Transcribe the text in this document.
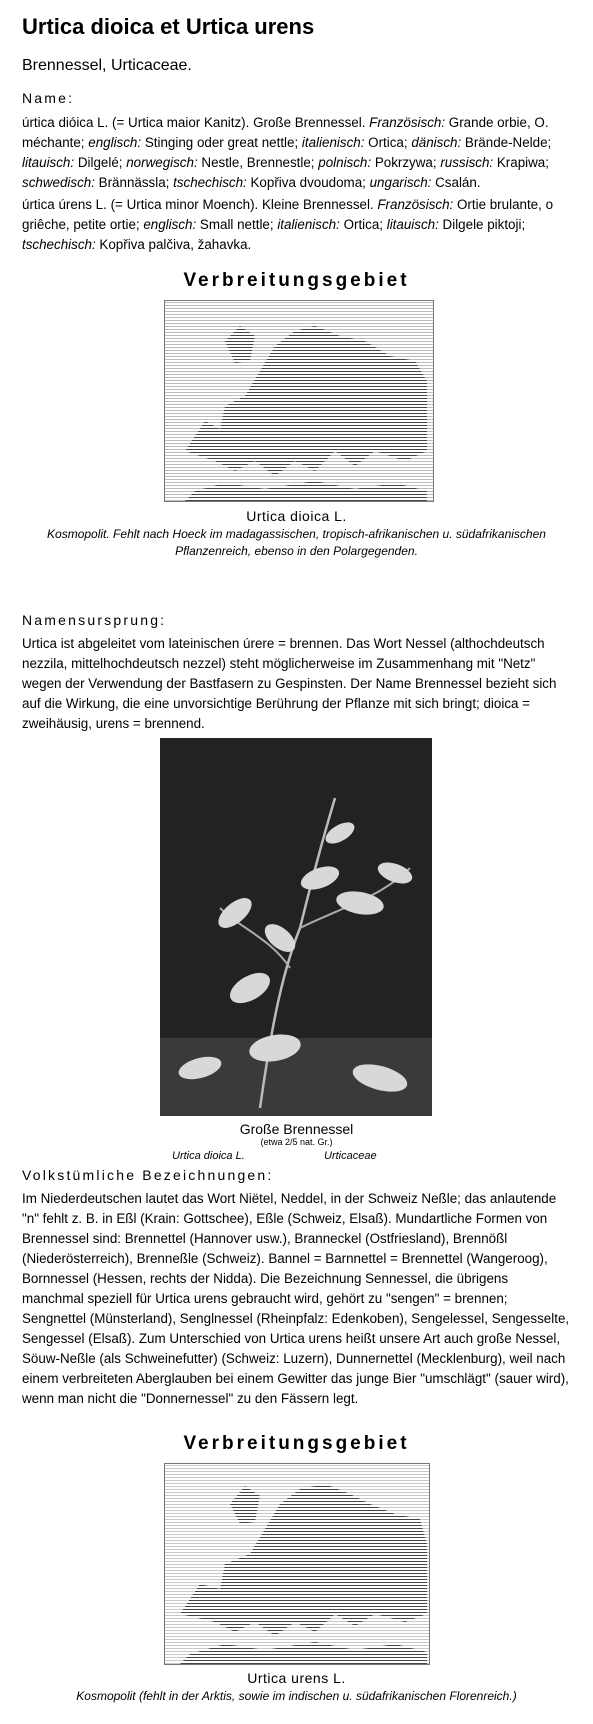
Urtica dioica et Urtica urens
Brennessel, Urticaceae.
Name:
úrtica dióica L. (= Urtica maior Kanitz). Große Brennessel. Französisch: Grande orbie, O. méchante; englisch: Stinging oder great nettle; italienisch: Ortica; dänisch: Brände-Nelde; litauisch: Dilgelé; norwegisch: Nestle, Brennestle; polnisch: Pokrzywa; russisch: Krapiwa; schwedisch: Brännässla; tschechisch: Kopřiva dvoudoma; ungarisch: Csalán.
úrtica úrens L. (= Urtica minor Moench). Kleine Brennessel. Französisch: Ortie brulante, o griêche, petite ortie; englisch: Small nettle; italienisch: Ortica; litauisch: Dilgele piktoji; tschechisch: Kopřiva palčiva, žahavka.
Verbreitungsgebiet
Urtica dioica L.
Kosmopolit. Fehlt nach Hoeck im madagassischen, tropisch-afrikanischen u. südafrikanischen
Pflanzenreich, ebenso in den Polargegenden.
Namensursprung:
Urtica ist abgeleitet vom lateinischen úrere = brennen. Das Wort Nessel (althochdeutsch nezzila, mittelhochdeutsch nezzel) steht möglicherweise im Zusammenhang mit "Netz" wegen der Verwendung der Bastfasern zu Gespinsten. Der Name Brennessel bezieht sich auf die Wirkung, die eine unvorsichtige Berührung der Pflanze mit sich bringt; dioica = zweihäusig, urens = brennend.
Große Brennessel
(etwa 2/5 nat. Gr.)
Urtica dioica L.	Urticaceae
Volkstümliche Bezeichnungen:
Im Niederdeutschen lautet das Wort Niëtel, Neddel, in der Schweiz Neßle; das anlautende "n" fehlt z. B. in Eßl (Krain: Gottschee), Eßle (Schweiz, Elsaß). Mundartliche Formen von Brennessel sind: Brennettel (Hannover usw.), Branneckel (Ostfriesland), Brennößl (Niederösterreich), Brenneßle (Schweiz). Bannel = Barnnettel = Brennettel (Wangeroog), Bornnessel (Hessen, rechts der Nidda). Die Bezeichnung Sennessel, die übrigens manchmal speziell für Urtica urens gebraucht wird, gehört zu "sengen" = brennen; Sengnettel (Münsterland), Senglnessel (Rheinpfalz: Edenkoben), Sengelessel, Sengesselte, Sengessel (Elsaß). Zum Unterschied von Urtica urens heißt unsere Art auch große Nessel, Söuw-Neßle (als Schweinefutter) (Schweiz: Luzern), Dunnernettel (Mecklenburg), weil nach einem verbreiteten Aberglauben bei einem Gewitter das junge Bier "umschlägt" (sauer wird), wenn man nicht die "Donnernessel" zu den Fässern legt.
Verbreitungsgebiet
Urtica urens L.
Kosmopolit (fehlt in der Arktis, sowie im indischen u. südafrikanischen Florenreich.)
